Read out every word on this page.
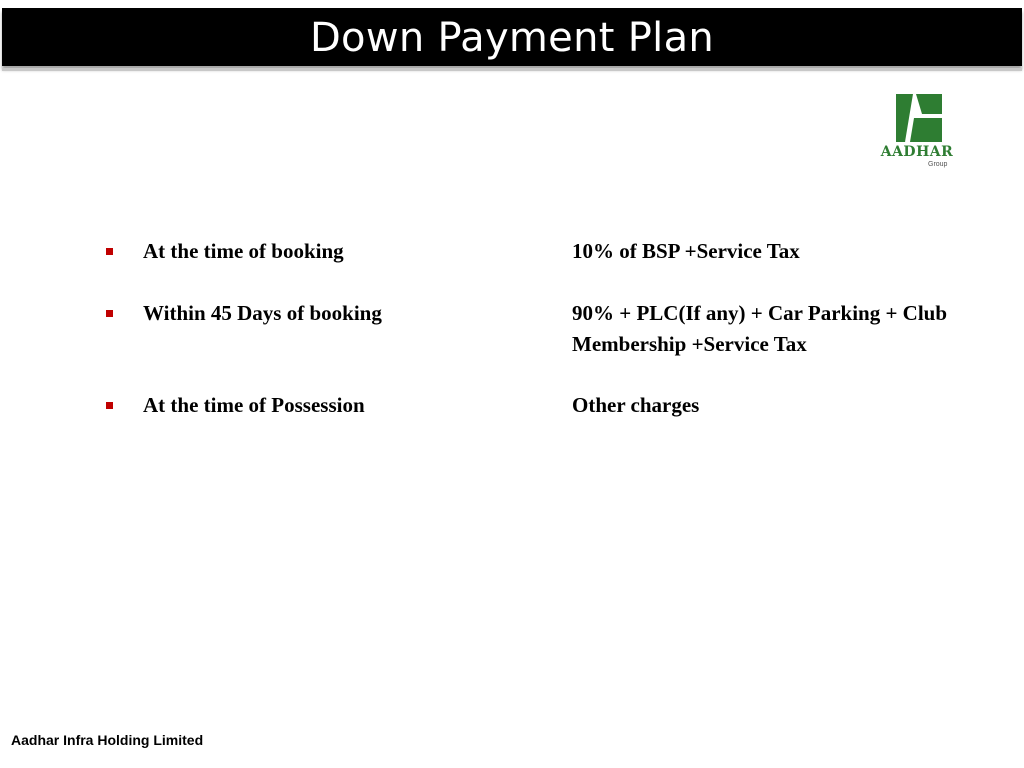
Down Payment Plan
AADHAR
Group
At the time of booking	10% of BSP +Service Tax
Within 45 Days of booking	90% + PLC(If any) + Car Parking + Club Membership +Service Tax
At the time of Possession	Other charges
Aadhar Infra Holding Limited
